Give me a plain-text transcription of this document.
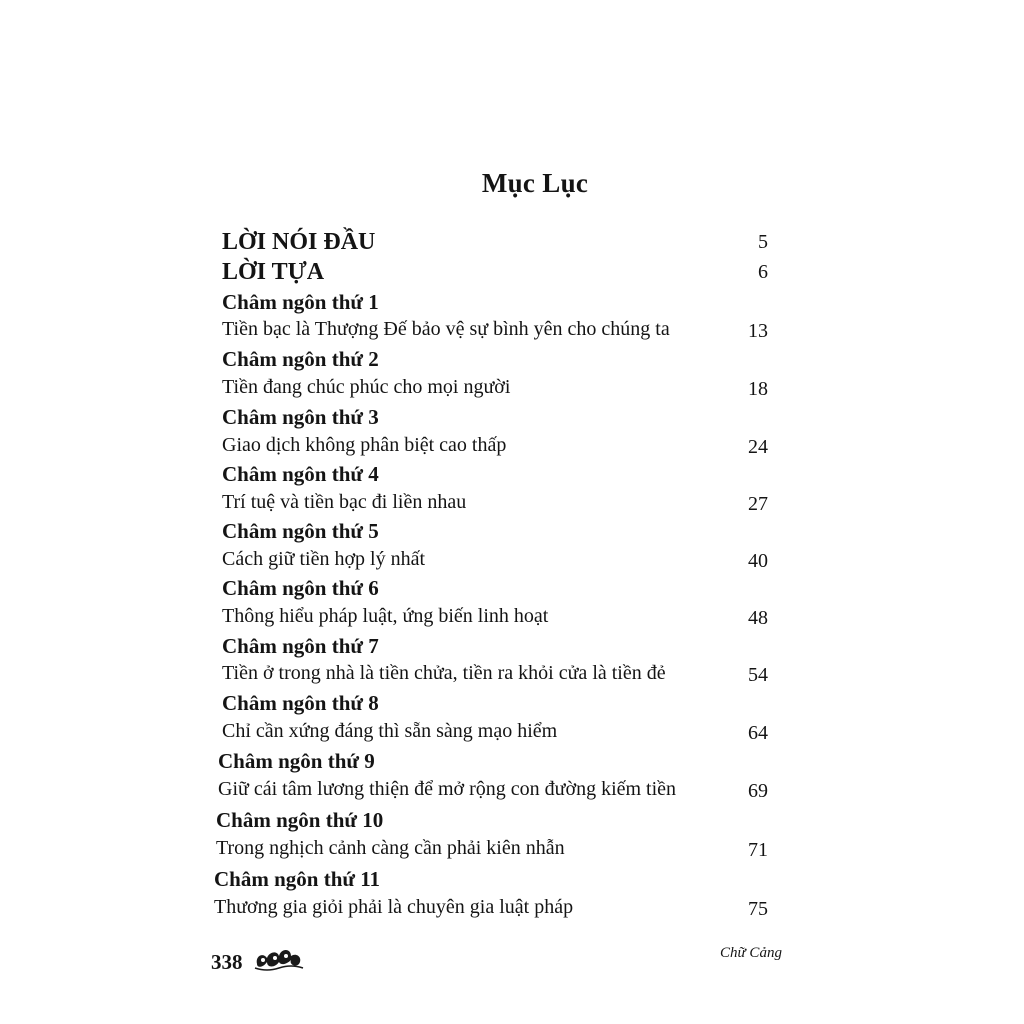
Mục Lục
LỜI NÓI ĐẦU	5
LỜI TỰA	6
Châm ngôn thứ 1
Tiền bạc là Thượng Đế bảo vệ sự bình yên cho chúng ta	13
Châm ngôn thứ 2
Tiền đang chúc phúc cho mọi người	18
Châm ngôn thứ 3
Giao dịch không phân biệt cao thấp	24
Châm ngôn thứ 4
Trí tuệ và tiền bạc đi liền nhau	27
Châm ngôn thứ 5
Cách giữ tiền hợp lý nhất	40
Châm ngôn thứ 6
Thông hiểu pháp luật, ứng biến linh hoạt	48
Châm ngôn thứ 7
Tiền ở trong nhà là tiền chửa, tiền ra khỏi cửa là tiền đẻ	54
Châm ngôn thứ 8
Chỉ cần xứng đáng thì sẵn sàng mạo hiểm	64
Châm ngôn thứ 9
Giữ cái tâm lương thiện để mở rộng con đường kiếm tiền	69
Châm ngôn thứ 10
Trong nghịch cảnh càng cần phải kiên nhẫn	71
Châm ngôn thứ 11
Thương gia giỏi phải là chuyên gia luật pháp	75
338	Chữ Cảng
